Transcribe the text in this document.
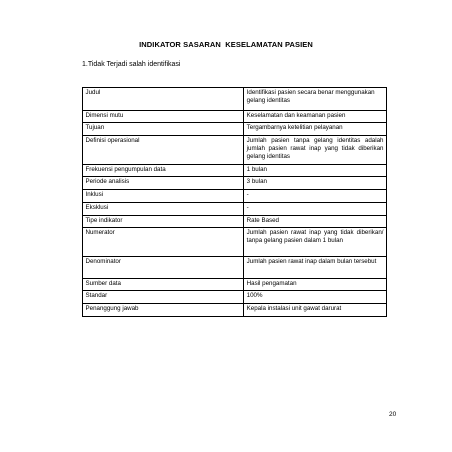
INDIKATOR SASARAN  KESELAMATAN PASIEN
1.Tidak Terjadi salah identifikasi
Judul	Identifikasi pasien secara benar menggunakan gelang identitas
Dimensi mutu	Keselamatan dan keamanan pasien
Tujuan	Tergambarnya ketelitian pelayanan
Definisi operasional	Jumlah pasien tanpa gelang identitas adalah jumlah pasien rawat inap yang tidak diberikan gelang identitas
Frekuensi pengumpulan data	1 bulan
Periode analisis	3 bulan
Inklusi	-
Eksklusi	-
Tipe indikator	Rate Based
Numerator	Jumlah pasien rawat inap yang tidak diberikan/ tanpa gelang pasien dalam 1 bulan
Denominator	Jumlah pasien rawat inap dalam bulan tersebut
Sumber data	Hasil pengamatan
Standar	100%
Penanggung jawab	Kepala instalasi unit gawat darurat
20
